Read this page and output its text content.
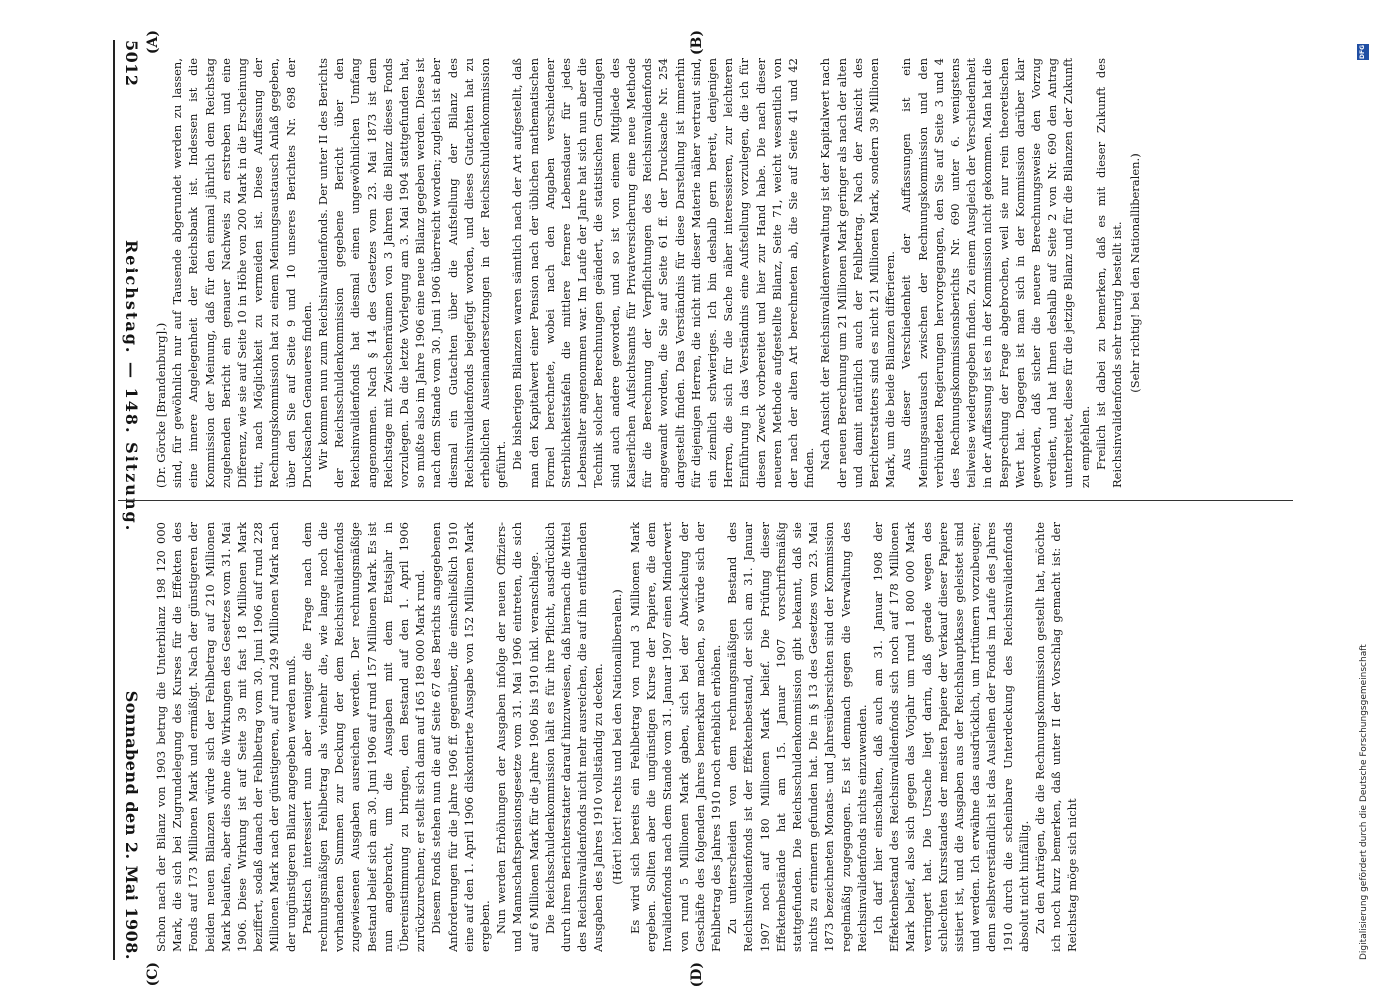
5012
Reichstag. — 148. Sitzung.
Sonnabend den 2. Mai 1908.
(A)	(B)
(C)	(D)

(Dr. Görcke [Brandenburg].) sind, für gewöhnlich nur auf Tausende abgerundet werden zu lassen, eine innere Angelegenheit der Reichsbank ist. Indessen ist die Kommission der Meinung, daß für den einmal jährlich dem Reichstag zugehenden Bericht ein genauer Nachweis zu erstreben und eine Differenz, wie sie auf Seite 10 in Höhe von 200 Mark in die Erscheinung tritt, nach Möglichkeit zu vermeiden ist. Diese Auffassung der Rechnungskommission hat zu einem Meinungsaustausch Anlaß gegeben, über den Sie auf Seite 9 und 10 unseres Berichtes Nr. 698 der Drucksachen Genaueres finden. Wir kommen nun zum Reichsinvalidenfonds. Der unter II des Berichts der Reichsschuldenkommission gegebene Bericht über den Reichsinvalidenfonds hat diesmal einen ungewöhnlichen Umfang angenommen. Nach § 14 des Gesetzes vom 23. Mai 1873 ist dem Reichstage mit Zwischenräumen von 3 Jahren die Bilanz dieses Fonds vorzulegen. Da die letzte Vorlegung am 3. Mai 1904 stattgefunden hat, so mußte also im Jahre 1906 eine neue Bilanz gegeben werden. Diese ist nach dem Stande vom 30. Juni 1906 überreicht worden; zugleich ist aber diesmal ein Gutachten über die Aufstellung der Bilanz des Reichsinvalidenfonds beigefügt worden, und dieses Gutachten hat zu erheblichen Auseinandersetzungen in der Reichsschuldenkommission geführt. Die bisherigen Bilanzen waren sämtlich nach der Art aufgestellt, daß man den Kapitalwert einer Pension nach der üblichen mathematischen Formel berechnete, wobei nach den Angaben verschiedener Sterblichkeitstafeln die mittlere fernere Lebensdauer für jedes Lebensalter angenommen war. Im Laufe der Jahre hat sich nun aber die Technik solcher Berechnungen geändert, die statistischen Grundlagen sind auch andere geworden, und so ist von einem Mitgliede des Kaiserlichen Aufsichtsamts für Privatversicherung eine neue Methode für die Berechnung der Verpflichtungen des Reichsinvalidenfonds angewandt worden, die Sie auf Seite 61 ff. der Drucksache Nr. 254 dargestellt finden. Das Verständnis für diese Darstellung ist immerhin für diejenigen Herren, die nicht mit dieser Materie näher vertraut sind, ein ziemlich schwieriges. Ich bin deshalb gern bereit, denjenigen Herren, die sich für die Sache näher interessieren, zur leichteren Einführung in das Verständnis eine Aufstellung vorzulegen, die ich für diesen Zweck vorbereitet und hier zur Hand habe. Die nach dieser neueren Methode aufgestellte Bilanz, Seite 71, weicht wesentlich von der nach der alten Art berechneten ab, die Sie auf Seite 41 und 42 finden. Nach Ansicht der Reichsinvalidenverwaltung ist der Kapitalwert nach der neuen Berechnung um 21 Millionen Mark geringer als nach der alten und damit natürlich auch der Fehlbetrag. Nach der Ansicht des Berichterstatters sind es nicht 21 Millionen Mark, sondern 39 Millionen Mark, um die beide Bilanzen differieren. Aus dieser Verschiedenheit der Auffassungen ist ein Meinungsaustausch zwischen der Rechnungskommission und den verbündeten Regierungen hervorgegangen, den Sie auf Seite 3 und 4 des Rechnungskommissionsberichts Nr. 690 unter 6. wenigstens teilweise wiedergegeben finden. Zu einem Ausgleich der Verschiedenheit in der Auffassung ist es in der Kommission nicht gekommen. Man hat die Besprechung der Frage abgebrochen, weil sie nur rein theoretischen Wert hat. Dagegen ist man sich in der Kommission darüber klar geworden, daß sicher die neuere Berechnungsweise den Vorzug verdient, und hat Ihnen deshalb auf Seite 2 von Nr. 690 den Antrag unterbreitet, diese für die jetzige Bilanz und für die Bilanzen der Zukunft zu empfehlen. Freilich ist dabei zu bemerken, daß es mit dieser Zukunft des Reichsinvalidenfonds sehr traurig bestellt ist. (Sehr richtig! bei den Nationalliberalen.)

Schon nach der Bilanz von 1903 betrug die Unterbilanz 198 120 000 Mark, die sich bei Zugrundelegung des Kurses für die Effekten des Fonds auf 173 Millionen Mark und ermäßigt. Nach der günstigeren der beiden neuen Bilanzen würde sich der Fehlbetrag auf 210 Millionen Mark belaufen, aber dies ohne die Wirkungen des Gesetzes vom 31. Mai 1906. Diese Wirkung ist auf Seite 39 mit fast 18 Millionen Mark beziffert, sodaß danach der Fehlbetrag vom 30. Juni 1906 auf rund 228 Millionen Mark nach der günstigeren, auf rund 249 Millionen Mark nach der ungünstigeren Bilanz angegeben werden muß. Praktisch interessiert nun aber weniger die Frage nach dem rechnungsmäßigen Fehlbetrag als vielmehr die, wie lange noch die vorhandenen Summen zur Deckung der dem Reichsinvalidenfonds zugewiesenen Ausgaben ausreichen werden. Der rechnungsmäßige Bestand belief sich am 30. Juni 1906 auf rund 157 Millionen Mark. Es ist nun angebracht, um die Ausgaben mit dem Etatsjahr in Übereinstimmung zu bringen, den Bestand auf den 1. April 1906 zurückzurechnen; er stellt sich dann auf 165 189 000 Mark rund. Diesem Fonds stehen nun die auf Seite 67 des Berichts angegebenen Anforderungen für die Jahre 1906 ff. gegenüber, die einschließlich 1910 eine auf den 1. April 1906 diskontierte Ausgabe von 152 Millionen Mark ergeben. Nun werden Erhöhungen der Ausgaben infolge der neuen Offiziers- und Mannschaftspensionsgesetze vom 31. Mai 1906 eintreten, die sich auf 6 Millionen Mark für die Jahre 1906 bis 1910 inkl. veranschlage. Die Reichsschuldenkommission hält es für ihre Pflicht, ausdrücklich durch ihren Berichterstatter darauf hinzuweisen, daß hiernach die Mittel des Reichsinvalidenfonds nicht mehr ausreichen, die auf ihn entfallenden Ausgaben des Jahres 1910 vollständig zu decken. (Hört! hört! rechts und bei den Nationalliberalen.) Es wird sich bereits ein Fehlbetrag von rund 3 Millionen Mark ergeben. Sollten aber die ungünstigen Kurse der Papiere, die dem Invalidenfonds nach dem Stande vom 31. Januar 1907 einen Minderwert von rund 5 Millionen Mark gaben, sich bei der Abwickelung der Geschäfte des folgenden Jahres bemerkbar machen, so würde sich der Fehlbetrag des Jahres 1910 noch erheblich erhöhen. Zu unterscheiden von dem rechnungsmäßigen Bestand des Reichsinvalidenfonds ist der Effektenbestand, der sich am 31. Januar 1907 noch auf 180 Millionen Mark belief. Die Prüfung dieser Effektenbestände hat am 15. Januar 1907 vorschriftsmäßig stattgefunden. Die Reichsschuldenkommission gibt bekannt, daß sie nichts zu erinnern gefunden hat. Die in § 13 des Gesetzes vom 23. Mai 1873 bezeichneten Monats- und Jahresübersichten sind der Kommission regelmäßig zugegangen. Es ist demnach gegen die Verwaltung des Reichsinvalidenfonds nichts einzuwenden. Ich darf hier einschalten, daß auch am 31. Januar 1908 der Effektenbestand des Reichsinvalidenfonds sich noch auf 178 Millionen Mark belief, also sich gegen das Vorjahr um rund 1 800 000 Mark verringert hat. Die Ursache liegt darin, daß gerade wegen des schlechten Kursstandes der meisten Papiere der Verkauf dieser Papiere sistiert ist, und die Ausgaben aus der Reichshauptkasse geleistet sind und werden. Ich erwähne das ausdrücklich, um Irrtümern vorzubeugen; denn selbstverständlich ist das Ausleihen der Fonds im Laufe des Jahres 1910 durch die scheinbare Unterdeckung des Reichsinvalidenfonds absolut nicht hinfällig. Zu den Anträgen, die die Rechnungskommission gestellt hat, möchte ich noch kurz bemerken, daß unter II der Vorschlag gemacht ist: der Reichstag möge sich nicht	Digitalisierung gefördert durch die Deutsche Forschungsgemeinschaft
DFG
